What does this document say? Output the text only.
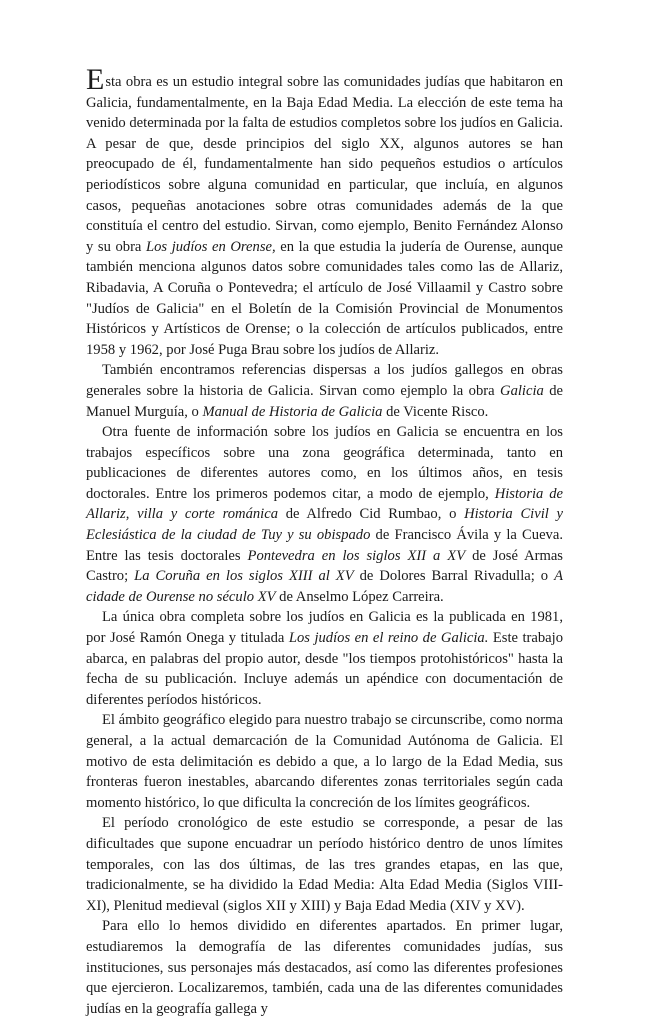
Esta obra es un estudio integral sobre las comunidades judías que habitaron en Galicia, fundamentalmente, en la Baja Edad Media. La elección de este tema ha venido determinada por la falta de estudios completos sobre los judíos en Galicia. A pesar de que, desde principios del siglo XX, algunos autores se han preocupado de él, fundamentalmente han sido pequeños estudios o artículos periodísticos sobre alguna comunidad en particular, que incluía, en algunos casos, pequeñas anotaciones sobre otras comunidades además de la que constituía el centro del estudio. Sirvan, como ejemplo, Benito Fernández Alonso y su obra Los judíos en Orense, en la que estudia la judería de Ourense, aunque también menciona algunos datos sobre comunidades tales como las de Allariz, Ribadavia, A Coruña o Pontevedra; el artículo de José Villaamil y Castro sobre "Judíos de Galicia" en el Boletín de la Comisión Provincial de Monumentos Históricos y Artísticos de Orense; o la colección de artículos publicados, entre 1958 y 1962, por José Puga Brau sobre los judíos de Allariz.

También encontramos referencias dispersas a los judíos gallegos en obras generales sobre la historia de Galicia. Sirvan como ejemplo la obra Galicia de Manuel Murguía, o Manual de Historia de Galicia de Vicente Risco.

Otra fuente de información sobre los judíos en Galicia se encuentra en los trabajos específicos sobre una zona geográfica determinada, tanto en publicaciones de diferentes autores como, en los últimos años, en tesis doctorales. Entre los primeros podemos citar, a modo de ejemplo, Historia de Allariz, villa y corte románica de Alfredo Cid Rumbao, o Historia Civil y Eclesiástica de la ciudad de Tuy y su obispado de Francisco Ávila y la Cueva. Entre las tesis doctorales Pontevedra en los siglos XII a XV de José Armas Castro; La Coruña en los siglos XIII al XV de Dolores Barral Rivadulla; o A cidade de Ourense no século XV de Anselmo López Carreira.

La única obra completa sobre los judíos en Galicia es la publicada en 1981, por José Ramón Onega y titulada Los judíos en el reino de Galicia. Este trabajo abarca, en palabras del propio autor, desde "los tiempos protohistóricos" hasta la fecha de su publicación. Incluye además un apéndice con documentación de diferentes períodos históricos.

El ámbito geográfico elegido para nuestro trabajo se circunscribe, como norma general, a la actual demarcación de la Comunidad Autónoma de Galicia. El motivo de esta delimitación es debido a que, a lo largo de la Edad Media, sus fronteras fueron inestables, abarcando diferentes zonas territoriales según cada momento histórico, lo que dificulta la concreción de los límites geográficos.

El período cronológico de este estudio se corresponde, a pesar de las dificultades que supone encuadrar un período histórico dentro de unos límites temporales, con las dos últimas, de las tres grandes etapas, en las que, tradicionalmente, se ha dividido la Edad Media: Alta Edad Media (Siglos VIII-XI), Plenitud medieval (siglos XII y XIII) y Baja Edad Media (XIV y XV).

Para ello lo hemos dividido en diferentes apartados. En primer lugar, estudiaremos la demografía de las diferentes comunidades judías, sus instituciones, sus personajes más destacados, así como las diferentes profesiones que ejercieron. Localizaremos, también, cada una de las diferentes comunidades judías en la geografía gallega y
